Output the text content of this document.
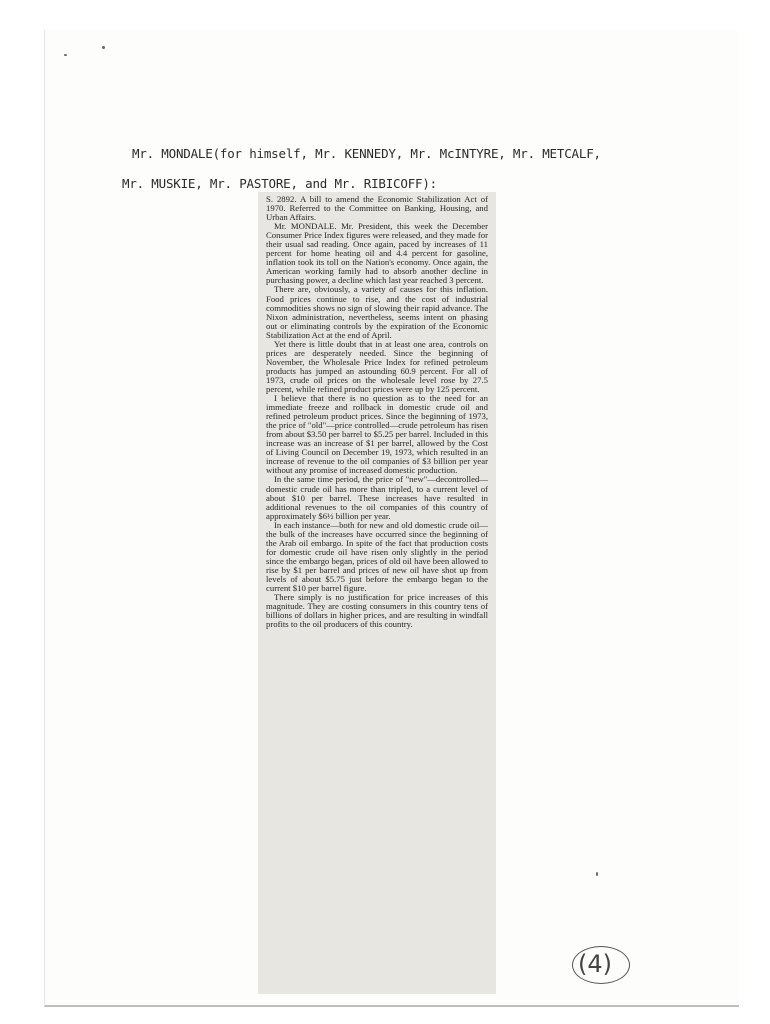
Mr. MONDALE(for himself, Mr. KENNEDY, Mr. McINTYRE, Mr. METCALF,
Mr. MUSKIE, Mr. PASTORE, and Mr. RIBICOFF):

S. 2892. A bill to amend the Economic Stabilization Act of 1970. Referred to the Committee on Banking, Housing, and Urban Affairs.

Mr. MONDALE. Mr. President, this week the December Consumer Price Index figures were released, and they made for their usual sad reading. Once again, paced by increases of 11 percent for home heating oil and 4.4 percent for gasoline, inflation took its toll on the Nation's economy. Once again, the American working family had to absorb another decline in purchasing power, a decline which last year reached 3 percent.

There are, obviously, a variety of causes for this inflation. Food prices continue to rise, and the cost of industrial commodities shows no sign of slowing their rapid advance. The Nixon administration, nevertheless, seems intent on phasing out or eliminating controls by the expiration of the Economic Stabilization Act at the end of April.

Yet there is little doubt that in at least one area, controls on prices are desperately needed. Since the beginning of November, the Wholesale Price Index for refined petroleum products has jumped an astounding 60.9 percent. For all of 1973, crude oil prices on the wholesale level rose by 27.5 percent, while refined product prices were up by 125 percent.

I believe that there is no question as to the need for an immediate freeze and rollback in domestic crude oil and refined petroleum product prices. Since the beginning of 1973, the price of "old"—price controlled—crude petroleum has risen from about $3.50 per barrel to $5.25 per barrel. Included in this increase was an increase of $1 per barrel, allowed by the Cost of Living Council on December 19, 1973, which resulted in an increase of revenue to the oil companies of $3 billion per year without any promise of increased domestic production.

In the same time period, the price of "new"—decontrolled—domestic crude oil has more than tripled, to a current level of about $10 per barrel. These increases have resulted in additional revenues to the oil companies of this country of approximately $6½ billion per year.

In each instance—both for new and old domestic crude oil—the bulk of the increases have occurred since the beginning of the Arab oil embargo. In spite of the fact that production costs for domestic crude oil have risen only slightly in the period since the embargo began, prices of old oil have been allowed to rise by $1 per barrel and prices of new oil have shot up from levels of about $5.75 just before the embargo began to the current $10 per barrel figure.

There simply is no justification for price increases of this magnitude. They are costing consumers in this country tens of billions of dollars in higher prices, and are resulting in windfall profits to the oil producers of this country.

(4)
